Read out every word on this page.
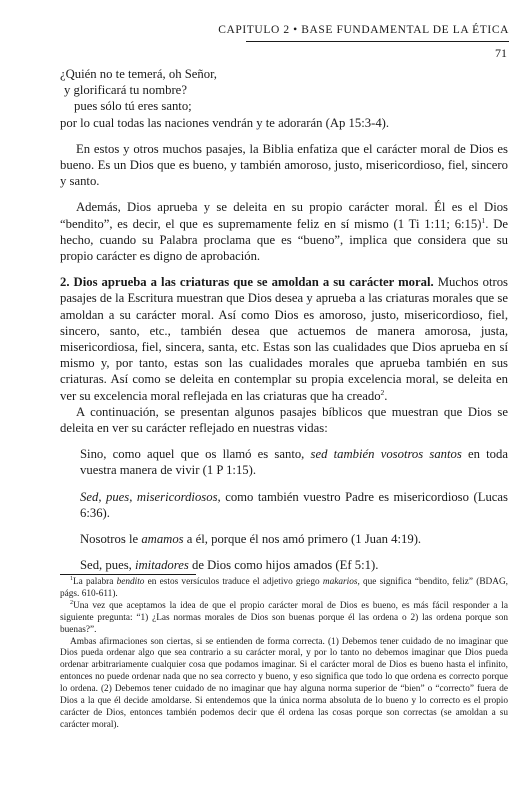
CAPITULO 2 • BASE FUNDAMENTAL DE LA ÉTICA
71

¿Quién no te temerá, oh Señor,
y glorificará tu nombre?
pues sólo tú eres santo;
por lo cual todas las naciones vendrán y te adorarán (Ap 15:3-4).

En estos y otros muchos pasajes, la Biblia enfatiza que el carácter moral de Dios es bueno. Es un Dios que es bueno, y también amoroso, justo, misericordioso, fiel, sincero y santo.

Además, Dios aprueba y se deleita en su propio carácter moral. Él es el Dios “bendito”, es decir, el que es supremamente feliz en sí mismo (1 Ti 1:11; 6:15)$^1$. De hecho, cuando su Palabra proclama que es “bueno”, implica que considera que su propio carácter es digno de aprobación.

2. Dios aprueba a las criaturas que se amoldan a su carácter moral. Muchos otros pasajes de la Escritura muestran que Dios desea y aprueba a las criaturas morales que se amoldan a su carácter moral. Así como Dios es amoroso, justo, misericordioso, fiel, sincero, santo, etc., también desea que actuemos de manera amorosa, justa, misericordiosa, fiel, sincera, santa, etc. Estas son las cualidades que Dios aprueba en sí mismo y, por tanto, estas son las cualidades morales que aprueba también en sus criaturas. Así como se deleita en contemplar su propia excelencia moral, se deleita en ver su excelencia moral reflejada en las criaturas que ha creado$^2$.

A continuación, se presentan algunos pasajes bíblicos que muestran que Dios se deleita en ver su carácter reflejado en nuestras vidas:

Sino, como aquel que os llamó es santo, sed también vosotros santos en toda vuestra manera de vivir (1 P 1:15).

Sed, pues, misericordiosos, como también vuestro Padre es misericordioso (Lucas 6:36).

Nosotros le amamos a él, porque él nos amó primero (1 Juan 4:19).

Sed, pues, imitadores de Dios como hijos amados (Ef 5:1).

$^1$La palabra bendito en estos versículos traduce el adjetivo griego makarios, que significa “bendito, feliz” (BDAG, págs. 610-611).

$^2$Una vez que aceptamos la idea de que el propio carácter moral de Dios es bueno, es más fácil responder a la siguiente pregunta: “1) ¿Las normas morales de Dios son buenas porque él las ordena o 2) las ordena porque son buenas?”.

Ambas afirmaciones son ciertas, si se entienden de forma correcta. (1) Debemos tener cuidado de no imaginar que Dios pueda ordenar algo que sea contrario a su carácter moral, y por lo tanto no debemos imaginar que Dios pueda ordenar arbitrariamente cualquier cosa que podamos imaginar. Si el carácter moral de Dios es bueno hasta el infinito, entonces no puede ordenar nada que no sea correcto y bueno, y eso significa que todo lo que ordena es correcto porque lo ordena. (2) Debemos tener cuidado de no imaginar que hay alguna norma superior de “bien” o “correcto” fuera de Dios a la que él decide amoldarse. Si entendemos que la única norma absoluta de lo bueno y lo correcto es el propio carácter de Dios, entonces también podemos decir que él ordena las cosas porque son correctas (se amoldan a su carácter moral).
